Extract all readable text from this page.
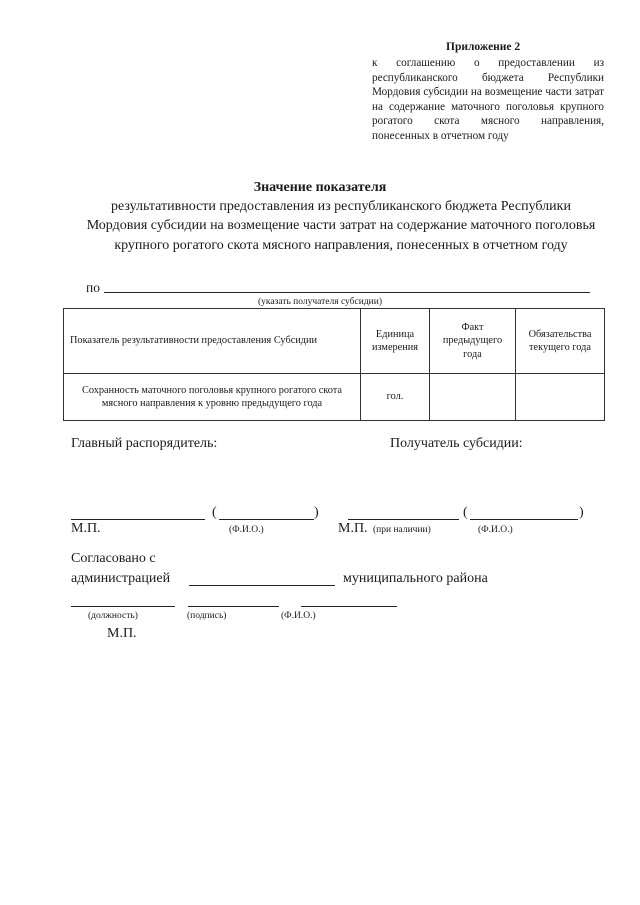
Приложение 2
к соглашению о предоставлении из республиканского бюджета Республики Мордовия субсидии на возмещение части затрат на содержание маточного поголовья крупного рогатого скота мясного направления, понесенных в отчетном году
Значение показателя
результативности предоставления из республиканского бюджета Республики Мордовия субсидии на возмещение части затрат на содержание маточного поголовья крупного рогатого скота мясного направления, понесенных в отчетном году
по
(указать получателя субсидии)
Показатель результативности предоставления Субсидии	Единица измерения	Факт предыдущего года	Обязательства текущего года
Сохранность маточного поголовья крупного рогатого скота мясного направления к уровню предыдущего года	гол.		
Главный распорядитель:	Получатель субсидии:
(	)
М.П.	(Ф.И.О.)
(	)
М.П. (при наличии)	(Ф.И.О.)
Согласовано с
администрацией	муниципального района
(должность)	(подпись)	(Ф.И.О.)
М.П.
